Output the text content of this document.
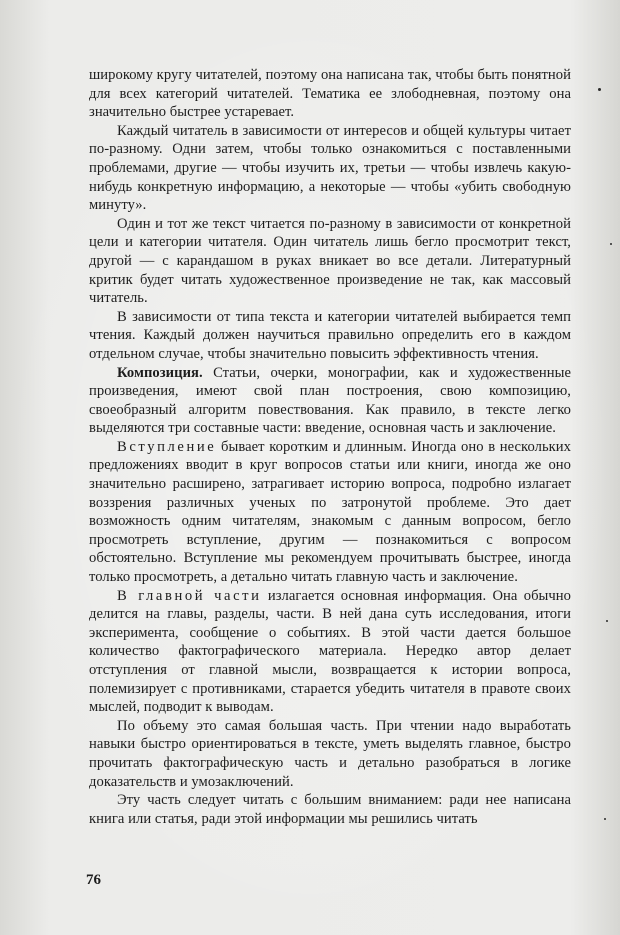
широкому кругу читателей, поэтому она написана так, чтобы быть понятной для всех категорий читателей. Тематика ее злободневная, поэтому она значительно быстрее устаревает.

Каждый читатель в зависимости от интересов и общей культуры читает по-разному. Одни затем, чтобы только ознакомиться с поставленными проблемами, другие — чтобы изучить их, третьи — чтобы извлечь какую-нибудь конкретную информацию, а некоторые — чтобы «убить свободную минуту».

Один и тот же текст читается по-разному в зависимости от конкретной цели и категории читателя. Один читатель лишь бегло просмотрит текст, другой — с карандашом в руках вникает во все детали. Литературный критик будет читать художественное произведение не так, как массовый читатель.

В зависимости от типа текста и категории читателей выбирается темп чтения. Каждый должен научиться правильно определить его в каждом отдельном случае, чтобы значительно повысить эффективность чтения.

Композиция. Статьи, очерки, монографии, как и художественные произведения, имеют свой план построения, свою композицию, своеобразный алгоритм повествования. Как правило, в тексте легко выделяются три составные части: введение, основная часть и заключение.

Вступление бывает коротким и длинным. Иногда оно в нескольких предложениях вводит в круг вопросов статьи или книги, иногда же оно значительно расширено, затрагивает историю вопроса, подробно излагает воззрения различных ученых по затронутой проблеме. Это дает возможность одним читателям, знакомым с данным вопросом, бегло просмотреть вступление, другим — познакомиться с вопросом обстоятельно. Вступление мы рекомендуем прочитывать быстрее, иногда только просмотреть, а детально читать главную часть и заключение.

В главной части излагается основная информация. Она обычно делится на главы, разделы, части. В ней дана суть исследования, итоги эксперимента, сообщение о событиях. В этой части дается большое количество фактографического материала. Нередко автор делает отступления от главной мысли, возвращается к истории вопроса, полемизирует с противниками, старается убедить читателя в правоте своих мыслей, подводит к выводам.

По объему это самая большая часть. При чтении надо выработать навыки быстро ориентироваться в тексте, уметь выделять главное, быстро прочитать фактографическую часть и детально разобраться в логике доказательств и умозаключений.

Эту часть следует читать с большим вниманием: ради нее написана книга или статья, ради этой информации мы решились читать

76
